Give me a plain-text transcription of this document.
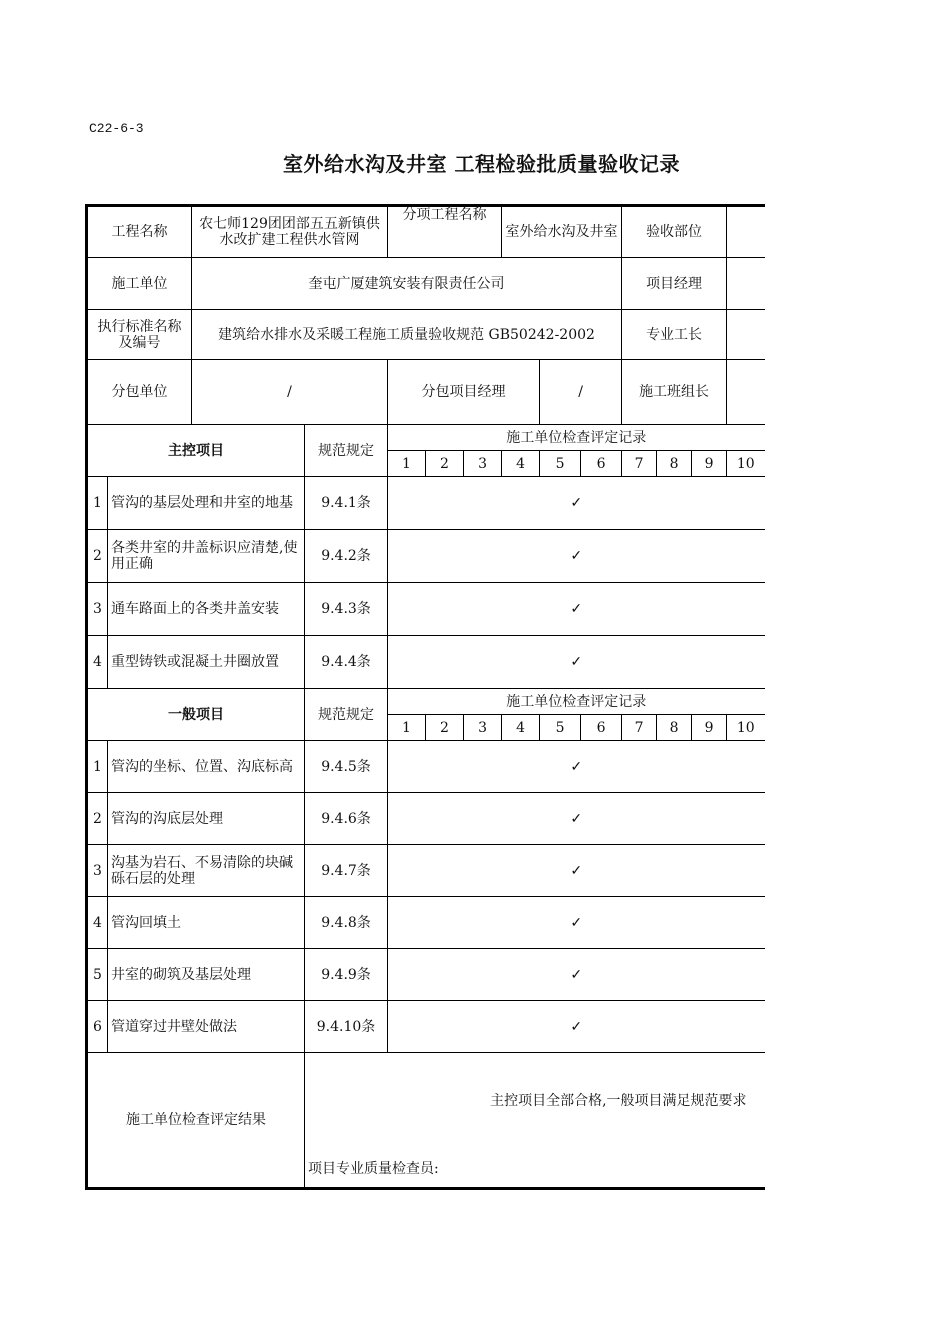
C22-6-3
室外给水沟及井室 工程检验批质量验收记录
工程名称		农七师129团团部五五新镇供水改扩建工程供水管网		分项工程名称			室外给水沟及井室			验收部位			
施工单位		奎屯广厦建筑安装有限责任公司								项目经理			
执行标准名称及编号		建筑给水排水及采暖工程施工质量验收规范 GB50242-2002								专业工长			
分包单位		/		分包项目经理				/		施工班组长			
主控项目			规范规定	施工单位检查评定记录									
				1	2	3	4	5	6	7	8	9	10
1	管沟的基层处理和井室的地基		9.4.1条	✓									
2	各类井室的井盖标识应清楚,使用正确		9.4.2条	✓									
3	通车路面上的各类井盖安装		9.4.3条	✓									
4	重型铸铁或混凝土井圈放置		9.4.4条	✓									
一般项目			规范规定	施工单位检查评定记录									
				1	2	3	4	5	6	7	8	9	10
1	管沟的坐标、位置、沟底标高		9.4.5条	✓									
2	管沟的沟底层处理		9.4.6条	✓									
3	沟基为岩石、不易清除的块碱砾石层的处理		9.4.7条	✓									
4	管沟回填土		9.4.8条	✓									
5	井室的砌筑及基层处理		9.4.9条	✓									
6	管道穿过井壁处做法		9.4.10条	✓									
施工单位检查评定结果			主控项目全部合格,一般项目满足规范要求
项目专业质量检查员:										
